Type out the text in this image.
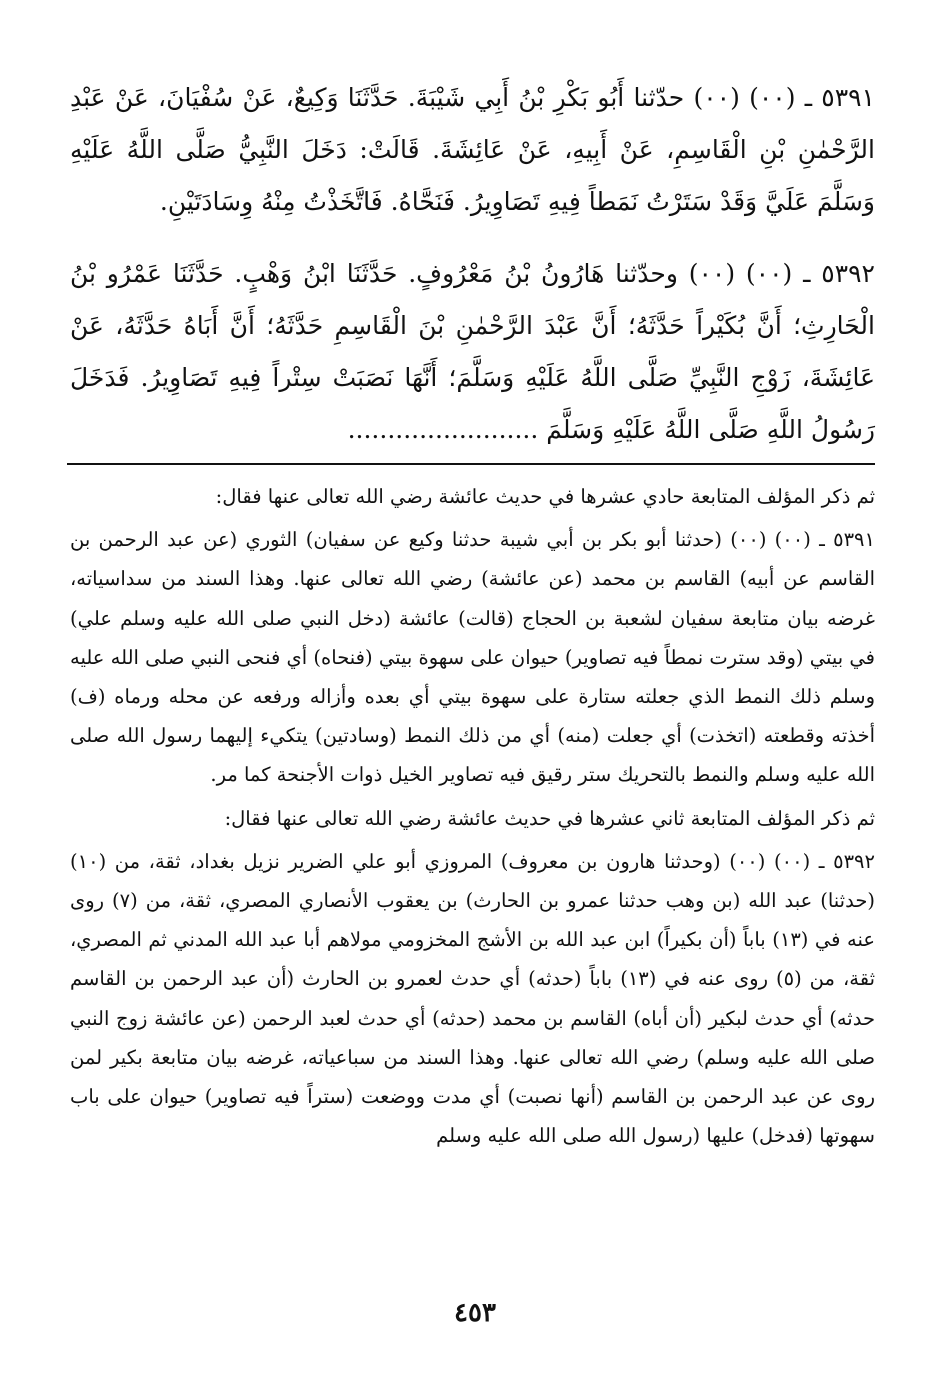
٥٣٩١ ـ (٠٠) (٠٠) حدّثنا أَبُو بَكْرِ بْنُ أَبِي شَيْبَةَ. حَدَّثَنَا وَكِيعٌ، عَنْ سُفْيَانَ، عَنْ عَبْدِ الرَّحْمٰنِ بْنِ الْقَاسِمِ، عَنْ أَبِيهِ، عَنْ عَائِشَةَ. قَالَتْ: دَخَلَ النَّبِيُّ صَلَّى اللَّهُ عَلَيْهِ وَسَلَّمَ عَلَيَّ وَقَدْ سَتَرْتُ نَمَطاً فِيهِ تَصَاوِيرُ. فَنَحَّاهُ. فَاتَّخَذْتُ مِنْهُ وِسَادَتَيْنِ.

٥٣٩٢ ـ (٠٠) (٠٠) وحدّثنا هَارُونُ بْنُ مَعْرُوفٍ. حَدَّثَنَا ابْنُ وَهْبٍ. حَدَّثَنَا عَمْرُو بْنُ الْحَارِثِ؛ أَنَّ بُكَيْراً حَدَّثَهُ؛ أَنَّ عَبْدَ الرَّحْمٰنِ بْنَ الْقَاسِمِ حَدَّثَهُ؛ أَنَّ أَبَاهُ حَدَّثَهُ، عَنْ عَائِشَةَ، زَوْجِ النَّبِيِّ صَلَّى اللَّهُ عَلَيْهِ وَسَلَّمَ؛ أَنَّهَا نَصَبَتْ سِتْراً فِيهِ تَصَاوِيرُ. فَدَخَلَ رَسُولُ اللَّهِ صَلَّى اللَّهُ عَلَيْهِ وَسَلَّمَ ........................

ثم ذكر المؤلف المتابعة حادي عشرها في حديث عائشة رضي الله تعالى عنها فقال:

٥٣٩١ ـ (٠٠) (٠٠) (حدثنا أبو بكر بن أبي شيبة حدثنا وكيع عن سفيان) الثوري (عن عبد الرحمن بن القاسم عن أبيه) القاسم بن محمد (عن عائشة) رضي الله تعالى عنها. وهذا السند من سداسياته، غرضه بيان متابعة سفيان لشعبة بن الحجاج (قالت) عائشة (دخل النبي صلى الله عليه وسلم علي) في بيتي (وقد سترت نمطاً فيه تصاوير) حيوان على سهوة بيتي (فنحاه) أي فنحى النبي صلى الله عليه وسلم ذلك النمط الذي جعلته ستارة على سهوة بيتي أي بعده وأزاله ورفعه عن محله ورماه (ف) أخذته وقطعته (اتخذت) أي جعلت (منه) أي من ذلك النمط (وسادتين) يتكيء إليهما رسول الله صلى الله عليه وسلم والنمط بالتحريك ستر رقيق فيه تصاوير الخيل ذوات الأجنحة كما مر.

ثم ذكر المؤلف المتابعة ثاني عشرها في حديث عائشة رضي الله تعالى عنها فقال:

٥٣٩٢ ـ (٠٠) (٠٠) (وحدثنا هارون بن معروف) المروزي أبو علي الضرير نزيل بغداد، ثقة، من (١٠) (حدثنا) عبد الله (بن وهب حدثنا عمرو بن الحارث) بن يعقوب الأنصاري المصري، ثقة، من (٧) روى عنه في (١٣) باباً (أن بكيراً) ابن عبد الله بن الأشج المخزومي مولاهم أبا عبد الله المدني ثم المصري، ثقة، من (٥) روى عنه في (١٣) باباً (حدثه) أي حدث لعمرو بن الحارث (أن عبد الرحمن بن القاسم حدثه) أي حدث لبكير (أن أباه) القاسم بن محمد (حدثه) أي حدث لعبد الرحمن (عن عائشة زوج النبي صلى الله عليه وسلم) رضي الله تعالى عنها. وهذا السند من سباعياته، غرضه بيان متابعة بكير لمن روى عن عبد الرحمن بن القاسم (أنها نصبت) أي مدت ووضعت (ستراً فيه تصاوير) حيوان على باب سهوتها (فدخل) عليها (رسول الله صلى الله عليه وسلم

٤٥٣
